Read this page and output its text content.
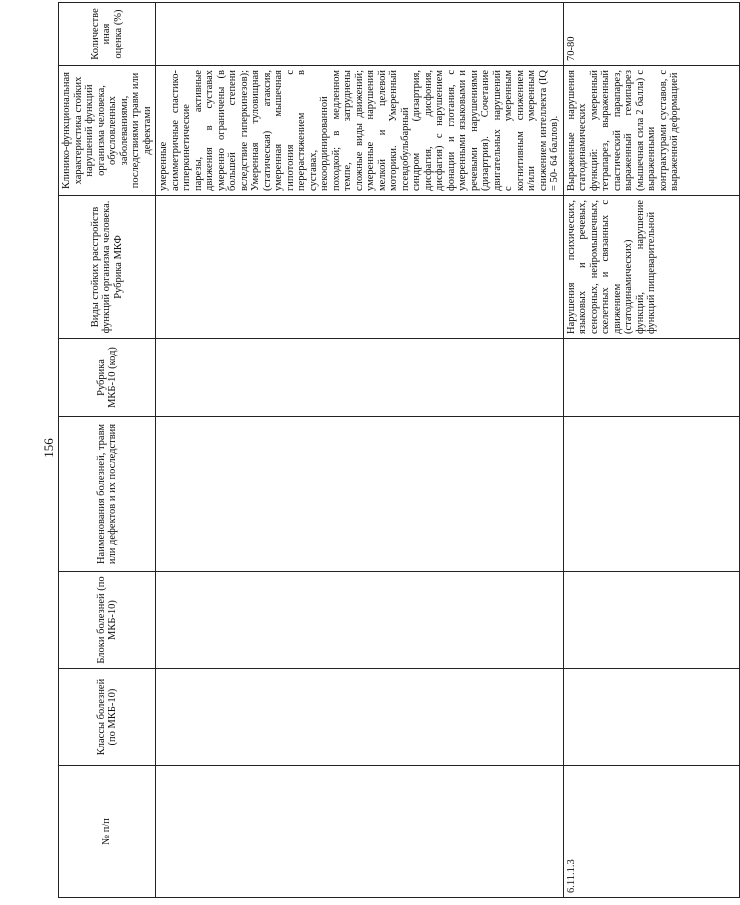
156
№ п/п	Классы болезней (по МКБ-10)	Блоки болезней (по МКБ-10)	Наименования болезней, травм или дефектов и их последствия	Рубрика МКБ-10 (код)	Виды стойких расстройств функций организма человека. Рубрика МКФ	Клинико-функциональная характеристика стойких нарушений функций организма человека, обусловленных заболеваниями, последствиями травм или дефектами	Количестве иная оценка (%)
						умеренные асимметричные спастико-гиперкинетические парезы, активные движения в суставах умеренно ограничены (в большей степени вследствие гиперкинезов); Умеренная туловищная (статическая) атаксия, умеренная мышечная гипотония с перерастяжением в суставах, некоординированной походкой; в медленном темпе, затруднены сложные виды движений; умеренные нарушения мелкой и целевой моторики. Умеренный псевдобульбарный синдром (дизартрия, дисфагия, дисфония, дисфагия) с нарушением фонации и глотания, с умеренными языковыми и речевыми нарушениями (дизартрия). Сочетание двигательных нарушений с умеренным когнитивным снижением и/или умеренным снижением интеллекта (IQ = 50- 64 баллов).	
6.11.1.3					Нарушения психических, языковых и речевых, сенсорных, нейромышечных, скелетных и связанных с движением (статодинамических) функций, нарушение функций пищеварительной	Выраженные нарушения статодинамических функций: умеренный тетрапарез, выраженный спастический парапарез, выраженный гемипарез (мышечная сила 2 балла) с выраженными контрактурами суставов, с выраженной деформацией	70-80
